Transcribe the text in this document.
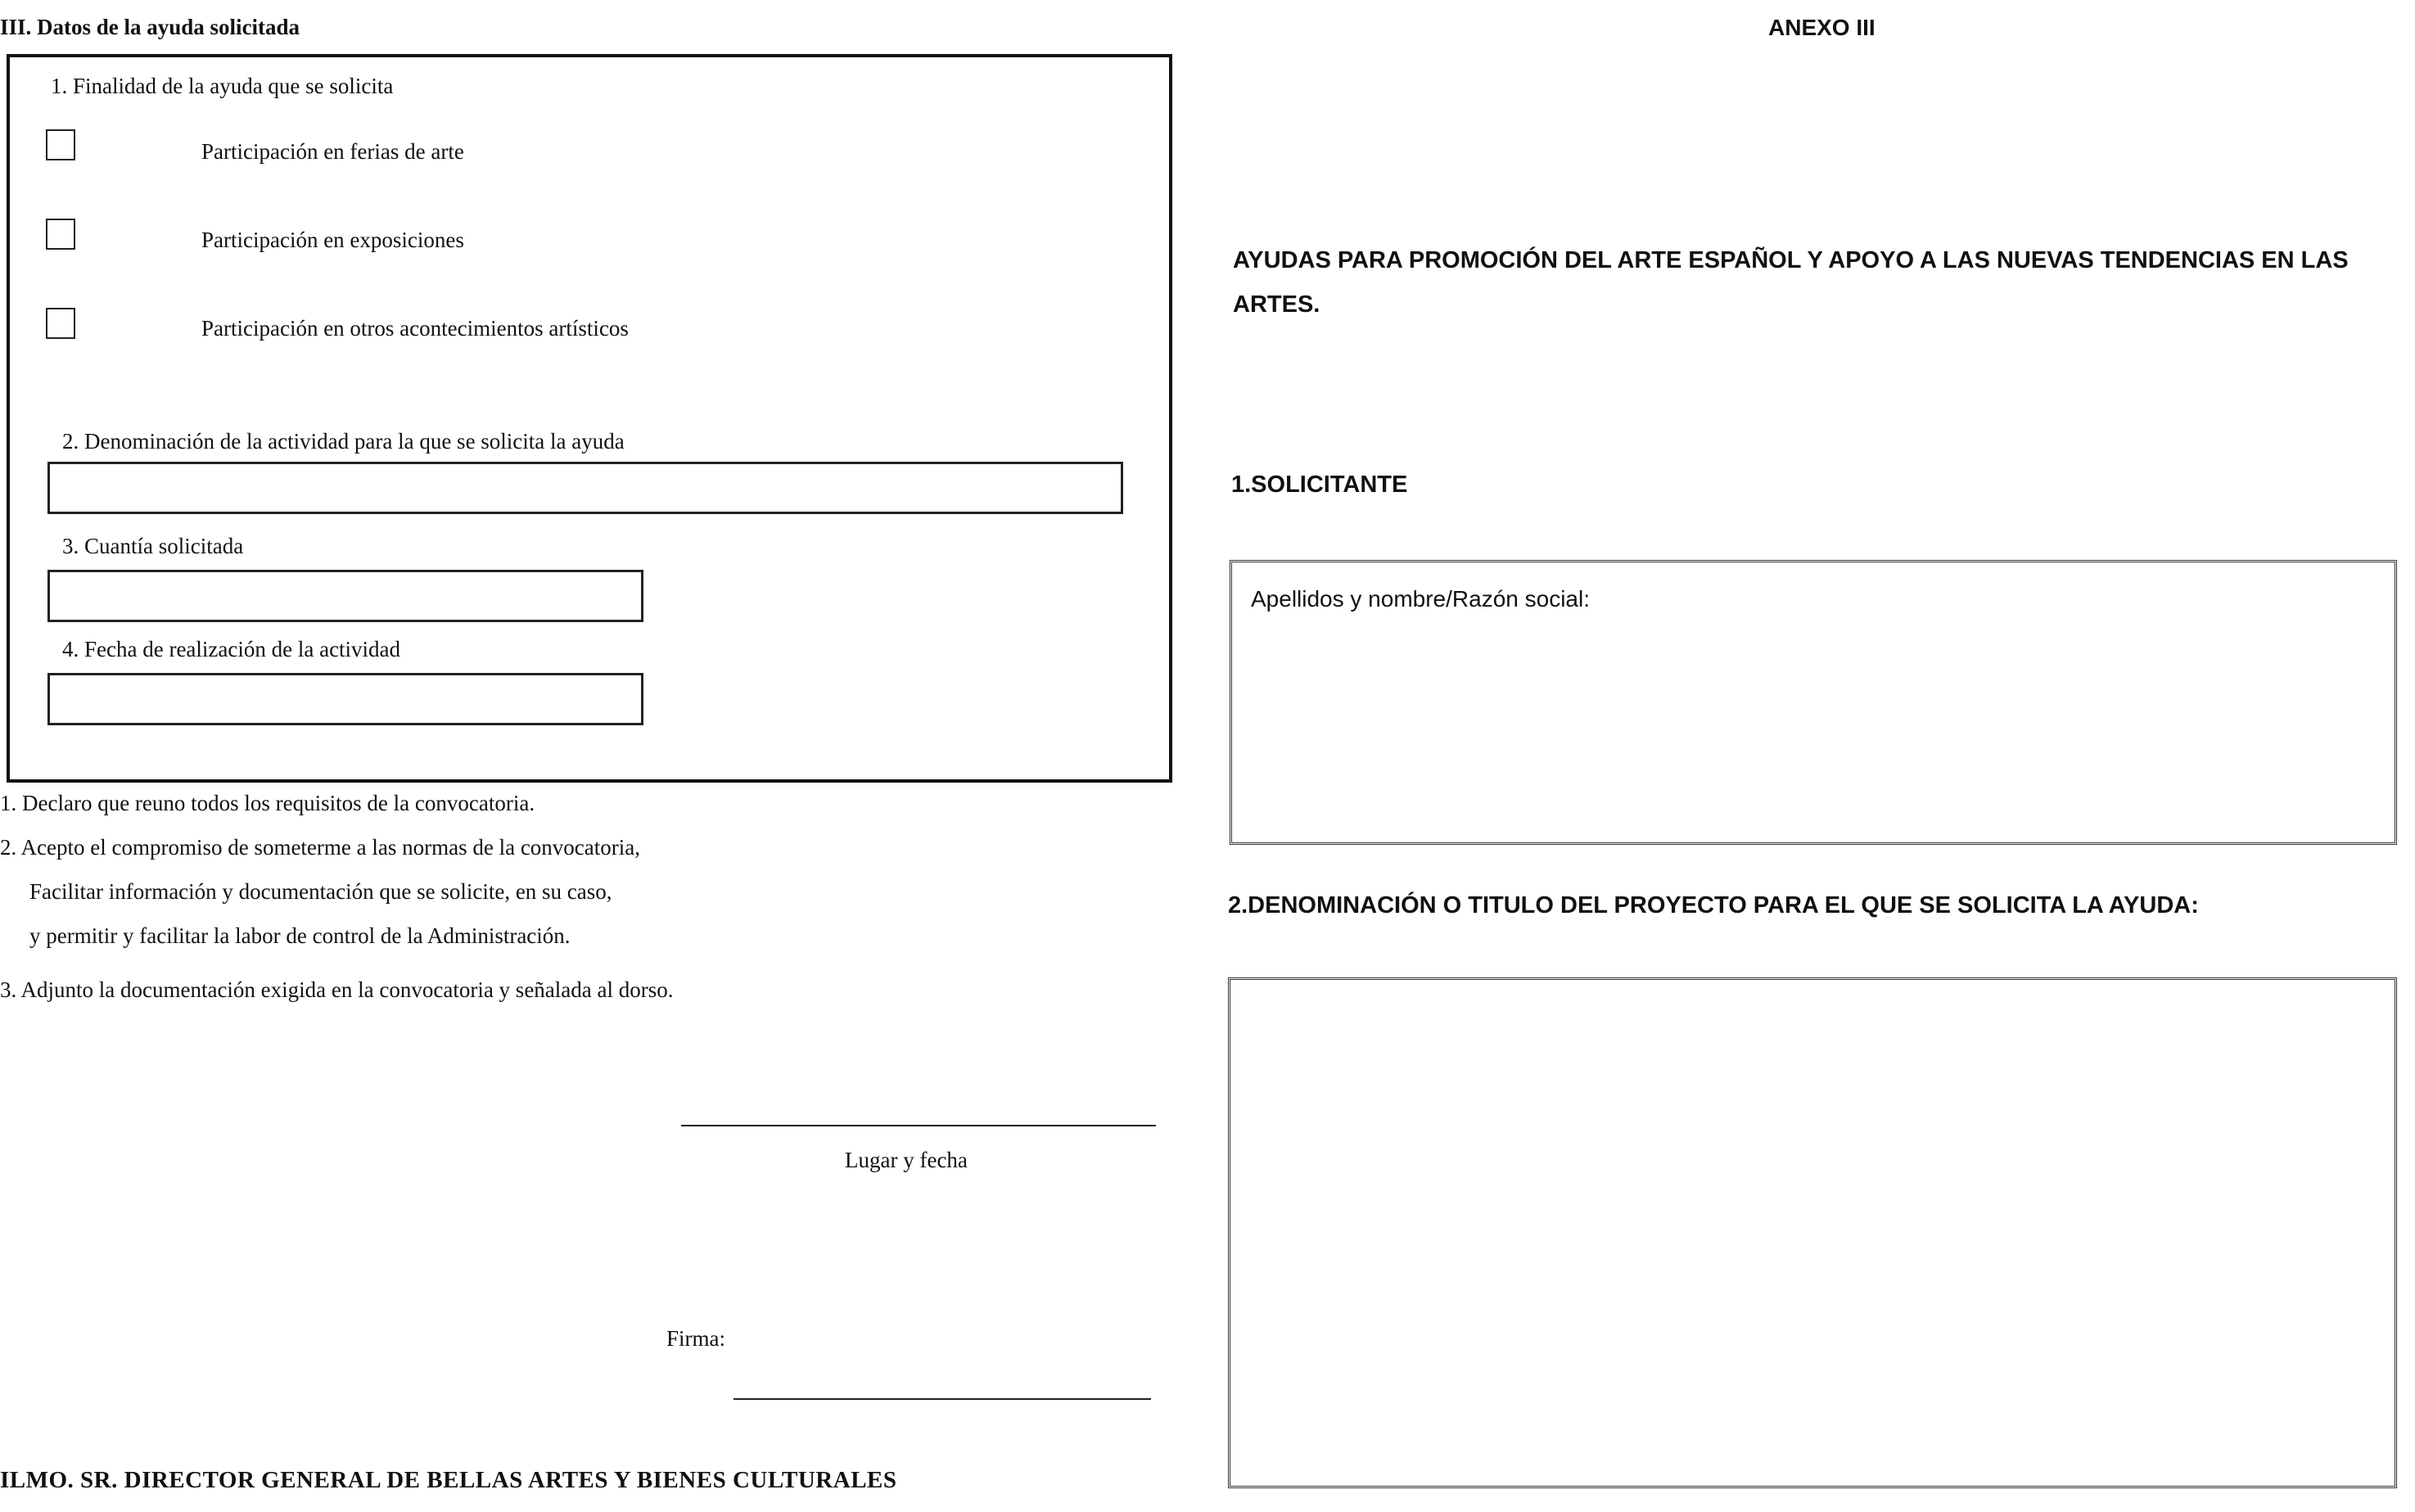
III. Datos de la ayuda solicitada
1. Finalidad de la ayuda que se solicita
Participación en ferias de arte
Participación en exposiciones
Participación en otros acontecimientos artísticos
2. Denominación de la actividad para la que se solicita la ayuda
3. Cuantía solicitada
4. Fecha de realización de la actividad
1. Declaro que reuno todos los requisitos de la convocatoria.
2. Acepto el compromiso de someterme a las normas de la convocatoria,
Facilitar información y documentación que se solicite, en su caso,
y permitir y facilitar la labor de control de la Administración.
3. Adjunto la documentación exigida en la convocatoria y señalada al dorso.
Lugar y fecha
Firma:
ILMO. SR. DIRECTOR GENERAL DE BELLAS ARTES Y BIENES CULTURALES
ANEXO III
AYUDAS PARA PROMOCIÓN DEL ARTE ESPAÑOL Y APOYO A LAS NUEVAS TENDENCIAS EN LAS
ARTES.
1.SOLICITANTE
Apellidos y nombre/Razón social:
2.DENOMINACIÓN O TITULO DEL PROYECTO PARA EL QUE SE SOLICITA LA AYUDA:
